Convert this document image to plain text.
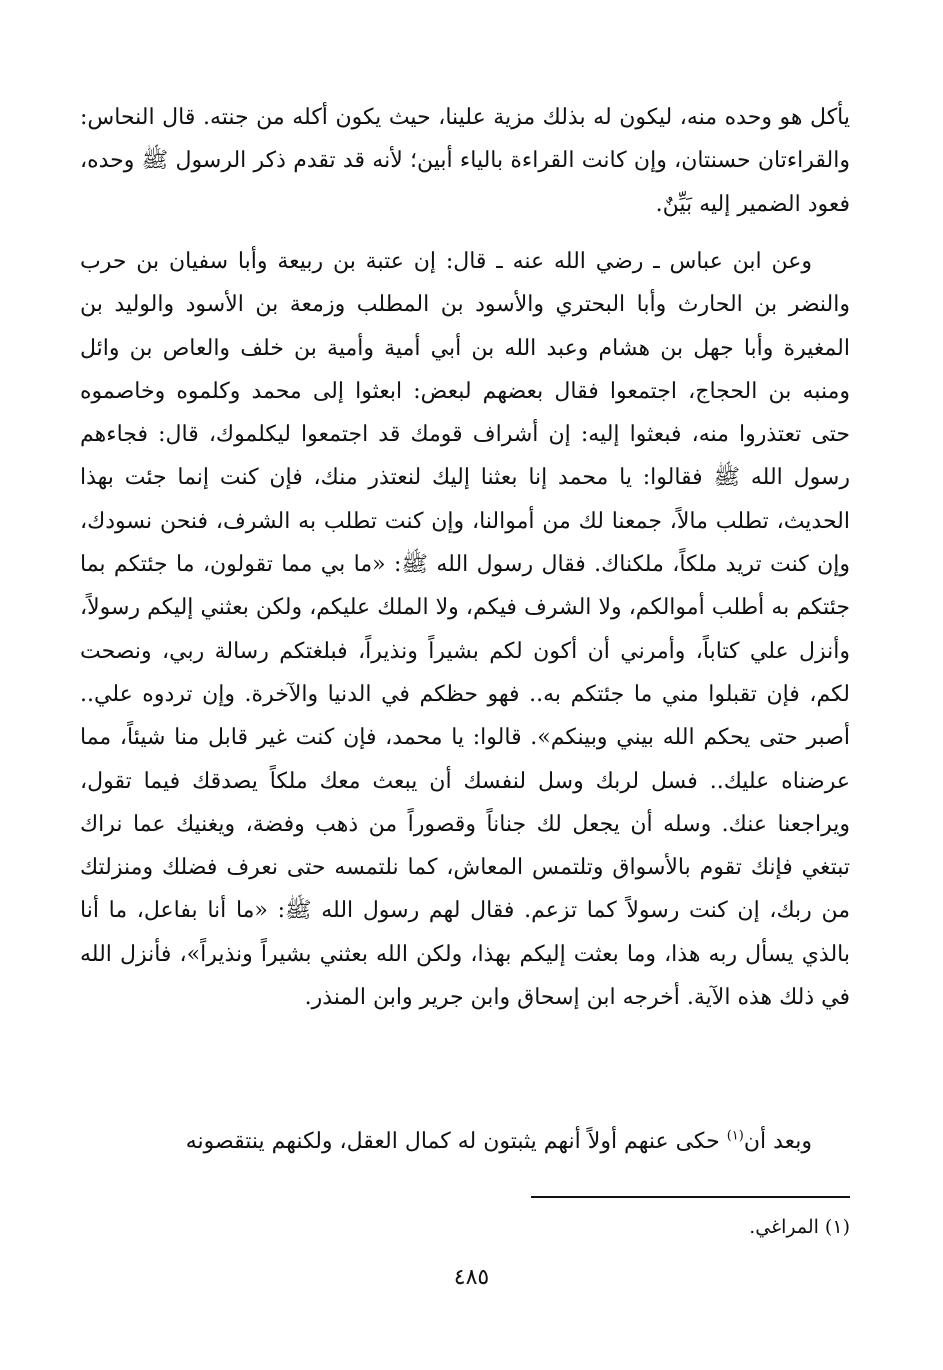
يأكل هو وحده منه، ليكون له بذلك مزية علينا، حيث يكون أكله من جنته. قال النحاس: والقراءتان حسنتان، وإن كانت القراءة بالياء أبين؛ لأنه قد تقدم ذكر الرسول ﷺ وحده، فعود الضمير إليه بَيِّنٌ.

وعن ابن عباس ـ رضي الله عنه ـ قال: إن عتبة بن ربيعة وأبا سفيان بن حرب والنضر بن الحارث وأبا البحتري والأسود بن المطلب وزمعة بن الأسود والوليد بن المغيرة وأبا جهل بن هشام وعبد الله بن أبي أمية وأمية بن خلف والعاص بن وائل ومنبه بن الحجاج، اجتمعوا فقال بعضهم لبعض: ابعثوا إلى محمد وكلموه وخاصموه حتى تعتذروا منه، فبعثوا إليه: إن أشراف قومك قد اجتمعوا ليكلموك، قال: فجاءهم رسول الله ﷺ فقالوا: يا محمد إنا بعثنا إليك لنعتذر منك، فإن كنت إنما جئت بهذا الحديث، تطلب مالاً، جمعنا لك من أموالنا، وإن كنت تطلب به الشرف، فنحن نسودك، وإن كنت تريد ملكاً، ملكناك. فقال رسول الله ﷺ: «ما بي مما تقولون، ما جئتكم بما جئتكم به أطلب أموالكم، ولا الشرف فيكم، ولا الملك عليكم، ولكن بعثني إليكم رسولاً، وأنزل علي كتاباً، وأمرني أن أكون لكم بشيراً ونذيراً، فبلغتكم رسالة ربي، ونصحت لكم، فإن تقبلوا مني ما جئتكم به.. فهو حظكم في الدنيا والآخرة. وإن تردوه علي.. أصبر حتى يحكم الله بيني وبينكم». قالوا: يا محمد، فإن كنت غير قابل منا شيئاً، مما عرضناه عليك.. فسل لربك وسل لنفسك أن يبعث معك ملكاً يصدقك فيما تقول، ويراجعنا عنك. وسله أن يجعل لك جناناً وقصوراً من ذهب وفضة، ويغنيك عما نراك تبتغي فإنك تقوم بالأسواق وتلتمس المعاش، كما نلتمسه حتى نعرف فضلك ومنزلتك من ربك، إن كنت رسولاً كما تزعم. فقال لهم رسول الله ﷺ: «ما أنا بفاعل، ما أنا بالذي يسأل ربه هذا، وما بعثت إليكم بهذا، ولكن الله بعثني بشيراً ونذيراً»، فأنزل الله في ذلك هذه الآية. أخرجه ابن إسحاق وابن جرير وابن المنذر.

وبعد أن$^{(١)}$ حكى عنهم أولاً أنهم يثبتون له كمال العقل، ولكنهم ينتقصونه

(١) المراغي.
٤٨٥
